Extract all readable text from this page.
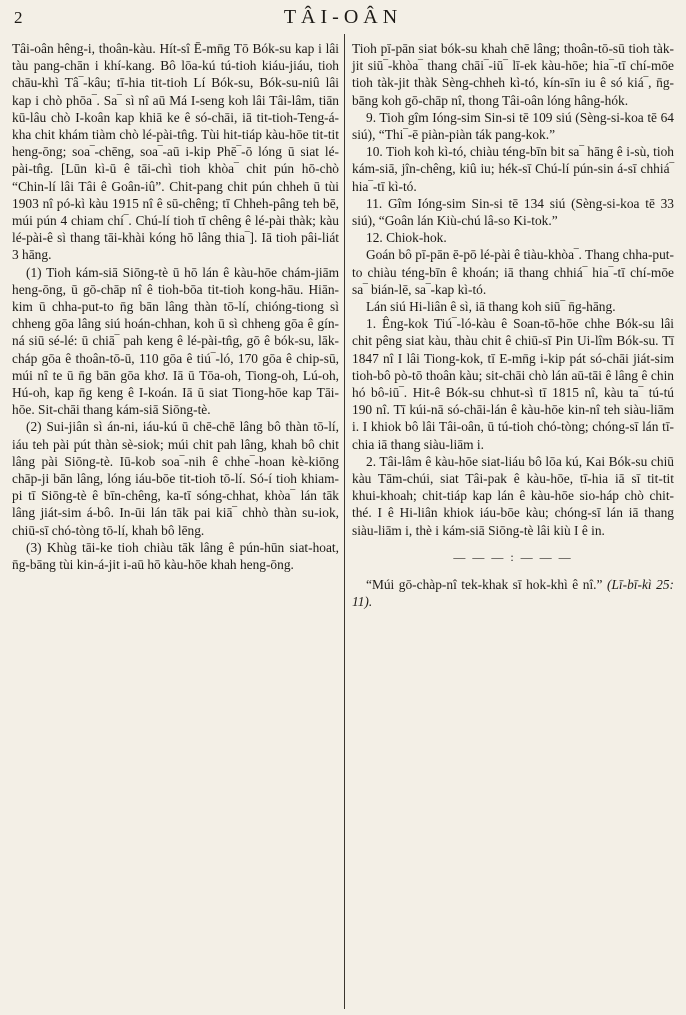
2	TÂI-OÂN

Tâi-oân hêng-i, thoân-kàu. Hít-sî Ē-mn̄g Tō Bók-su kap i lâi tàu pang-chān i khí-kang. Bô lōa-kú tú-tioh kiáu-jiáu, tioh chāu-khì Tâ‾-kâu; tī-hia tit-tioh Lí Bók-su, Bók-su-niû lâi kap i chò phōa‾. Sa‾ sì nî aū Má I-seng koh lâi Tâi-lâm, tiān kū-lâu chò I-koân kap khiā ke ê só-chāi, iā tit-tioh-Teng-á-kha chit khám tiàm chò lé-pài-tn̂g. Tùi hit-tiáp kàu-hōe tit-tit heng-ōng; soa‾-chēng, soa‾-aū i-kip Phē‾-ō lóng ū siat lé-pài-tn̂g. [Lūn kì-ū ê tāi-chì tioh khòa‾ chit pún hō-chò “Chin-lí lâi Tâi ê Goân-iû”. Chit-pang chit pún chheh ū tùi 1903 nî pó-kì kàu 1915 nî ê sū-chêng; tī Chheh-pâng teh bē, múi pún 4 chiam chí‾. Chú-lí tioh tī chêng ê lé-pài thàk; kàu lé-pài-ê sì thang tāi-khài kóng hō lâng thia‾]. Iā tioh pâi-liát 3 hāng.

(1) Tioh kám-siā Siōng-tè ū hō lán ê kàu-hōe chám-jiām heng-ōng, ū gō-chāp nî ê tioh-bōa tit-tioh kong-hāu. Hiān-kim ū chha-put-to n̄g bān lâng thàn tō-lí, chióng-tiong sì chheng gōa lâng siú hoán-chhan, koh ū sì chheng gōa ê gín-ná siū sé-lé: ū chiā‾ pah keng ê lé-pài-tn̂g, gō ê bók-su, lāk-cháp gōa ê thoân-tō-ū, 110 gōa ê tiú‾-ló, 170 gōa ê chip-sū, múi nî te ū n̄g bān gōa khơ. Iā ū Tōa-oh, Tiong-oh, Lú-oh, Hú-oh, kap n̄g keng ê I-koán. Iā ū siat Tiong-hōe kap Tāi-hōe. Sit-chāi thang kám-siā Siōng-tè.

(2) Sui-jiân sì án-ni, iáu-kú ū chē-chē lâng bô thàn tō-lí, iáu teh pài pút thàn sè-siok; múi chit pah lâng, khah bô chit lâng pài Siōng-tè. Iū-kob soa‾-nih ê chhe‾-hoan kè-kiōng chāp-ji bān lâng, lóng iáu-bōe tit-tioh tō-lí. Só-í tioh khiam-pi tī Siōng-tè ê bīn-chêng, ka-tī sóng-chhat, khòa‾ lán tāk lâng jiát-sim á-bô. In-ūi lán tāk pai kiā‾ chhò thàn su-iok, chiū-sī chó-tòng tō-lí, khah bô lēng.

(3) Khùg tāi-ke tioh chiàu tāk lâng ê pún-hūn siat-hoat, n̄g-bāng tùi kin-á-jit i-aū hō kàu-hōe khah heng-ōng.

Tioh pī-pān siat bók-su khah chē lâng; thoân-tō-sū tioh tàk-jit siū‾-khòa‾ thang chāi‾-iū‾ lī-ek kàu-hōe; hia‾-tī chí-mōe tioh tàk-jit thàk Sèng-chheh kì-tó, kín-sīn iu ê só kiá‾, n̄g-bāng koh gō-chāp nî, thong Tâi-oân lóng hâng-hók.

9. Tioh gîm Ióng-sim Sin-si tē 109 siú (Sèng-si-koa tē 64 siú), “Thi‾-ē piàn-piàn ták pang-kok.”

10. Tioh koh kì-tó, chiàu téng-bīn bit sa‾ hāng ê i-sù, tioh kám-siā, jîn-chêng, kiû iu; hék-sī Chú-lí pún-sin á-sī chhiá‾ hia‾-tī kì-tó.

11. Gîm Ióng-sim Sin-si tē 134 siú (Sèng-si-koa tē 33 siú), “Goân lán Kiù-chú lâ-so Ki-tok.”

12. Chiok-hok.

Goán bô pī-pān ē-pō lé-pài ê tiàu-khòa‾. Thang chha-put-to chiàu téng-bīn ê khoán; iā thang chhiá‾ hia‾-tī chí-mōe sa‾ bián-lē, sa‾-kap kì-tó.

Lán siú Hi-liân ê sì, iā thang koh siū‾ n̄g-hāng.

1. Êng-kok Tiú‾-ló-kàu ê Soan-tō-hōe chhe Bók-su lâi chit pêng siat kàu, thàu chit ê chiū-sī Pin Ui-lîm Bók-su. Tī 1847 nî I lâi Tiong-kok, tī E-mn̄g i-kip pát só-chāi jiát-sim tioh-bô pò-tō thoân kàu; sit-chāi chò lán aū-tāi ê lâng ê chin hó bô-iū‾. Hit-ê Bók-su chhut-sì tī 1815 nî, kàu ta‾ tú-tú 190 nî. Tī kúi-nā só-chāi-lán ê kàu-hōe kin-nî teh siàu-liām i. I khiok bô lâi Tâi-oân, ū tú-tioh chó-tòng; chóng-sī lán tī-chia iā thang siàu-liām i.

2. Tâi-lâm ê kàu-hōe siat-liáu bô lōa kú, Kai Bók-su chiū kàu Tām-chúi, siat Tâi-pak ê kàu-hōe, tī-hia iā sī tit-tit khui-khoah; chit-tiáp kap lán ê kàu-hōe sio-háp chò chit-thé. I ê Hi-liân khiok iáu-bōe kàu; chóng-sī lán iā thang siàu-liām i, thè i kám-siā Siōng-tè lâi kiù I ê in.

— — — : — — —

“Múi gō-chàp-nî tek-khak sī hok-khì ê nî.” (Lī-bī-kì 25: 11).
